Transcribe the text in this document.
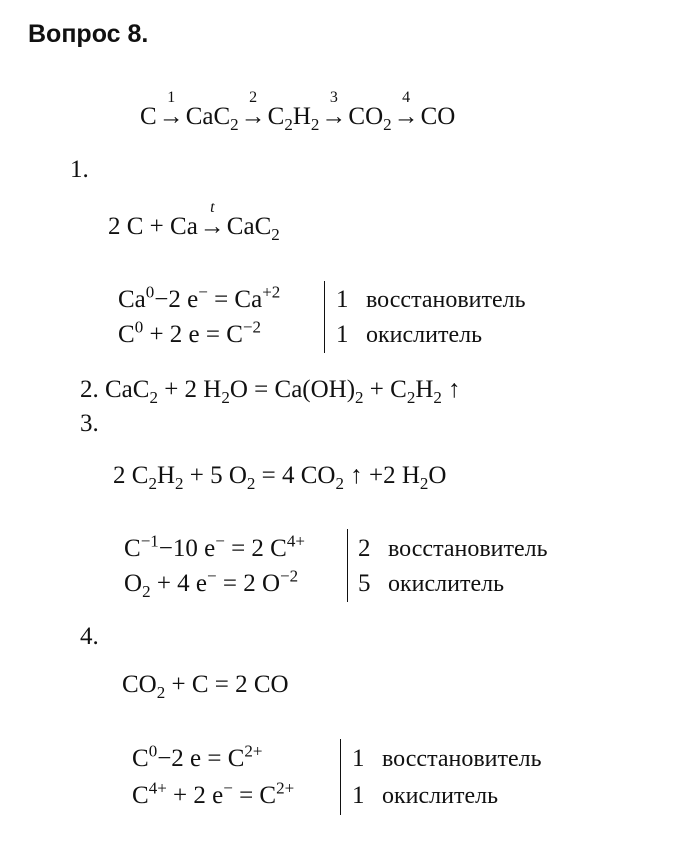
Вопрос 8.
C
1
→CaC$_2$
2
$\to C_2H_2$
3
$\to CO_2$
4
→CO
1.
2 C + Ca
t
→CaC$_2$
$Ca^0-2$ $e^- = Ca^{+2}$
$C^0 + 2$ $e = C^{-2}$
1 восстановитель
1 окислитель
2. CaC$_2$ + 2 $H_2O = Ca(OH)_2 + C_2H_2$ ↑
3.
2 $C_2H_2 + 5$ $O_2 = 4$ $CO_2$ ↑ +2 $H_2O$
$C^{-1}-10$ e− = 2 $C^{4+}$
$O_2 + 4$ e− = 2 $O^{-2}$
2 восстановитель
5 окислитель
4.
$CO_2 + C = 2$ CO
$C^0-2$ $e = C^{2+}$
$C^{4+} + 2$ $e^- = C^{2+}$
1 восстановитель
1 окислитель
